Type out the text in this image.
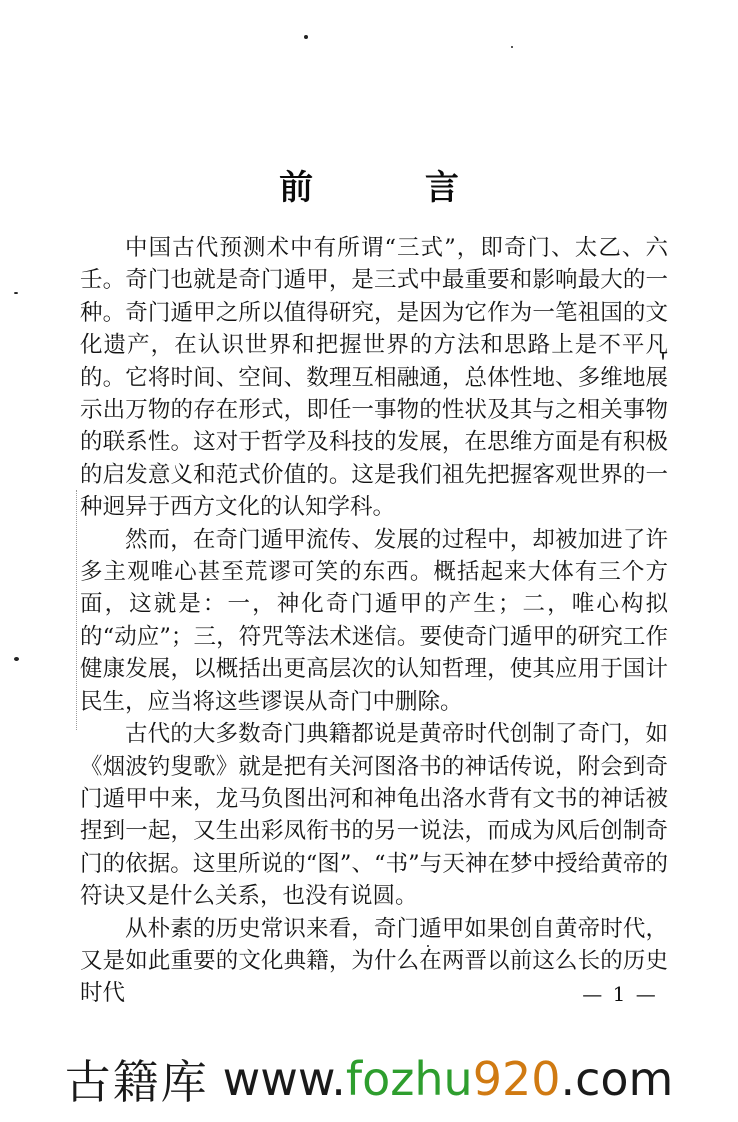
前 言

中国古代预测术中有所谓“三式”，即奇门、太乙、六壬。奇门也就是奇门遁甲，是三式中最重要和影响最大的一种。奇门遁甲之所以值得研究，是因为它作为一笔祖国的文化遗产，在认识世界和把握世界的方法和思路上是不平凡的。它将时间、空间、数理互相融通，总体性地、多维地展示出万物的存在形式，即任一事物的性状及其与之相关事物的联系性。这对于哲学及科技的发展，在思维方面是有积极的启发意义和范式价值的。这是我们祖先把握客观世界的一种迥异于西方文化的认知学科。

然而，在奇门遁甲流传、发展的过程中，却被加进了许多主观唯心甚至荒谬可笑的东西。概括起来大体有三个方面，这就是：一，神化奇门遁甲的产生；二，唯心构拟的“动应”；三，符咒等法术迷信。要使奇门遁甲的研究工作健康发展，以概括出更高层次的认知哲理，使其应用于国计民生，应当将这些谬误从奇门中删除。

古代的大多数奇门典籍都说是黄帝时代创制了奇门，如《烟波钓叟歌》就是把有关河图洛书的神话传说，附会到奇门遁甲中来，龙马负图出河和神龟出洛水背有文书的神话被捏到一起，又生出彩凤衔书的另一说法，而成为风后创制奇门的依据。这里所说的“图”、“书”与天神在梦中授给黄帝的符诀又是什么关系，也没有说圆。

从朴素的历史常识来看，奇门遁甲如果创自黄帝时代，又是如此重要的文化典籍，为什么在两晋以前这么长的历史时代	— 1 —
古籍库 www. fozhu 920 .com
